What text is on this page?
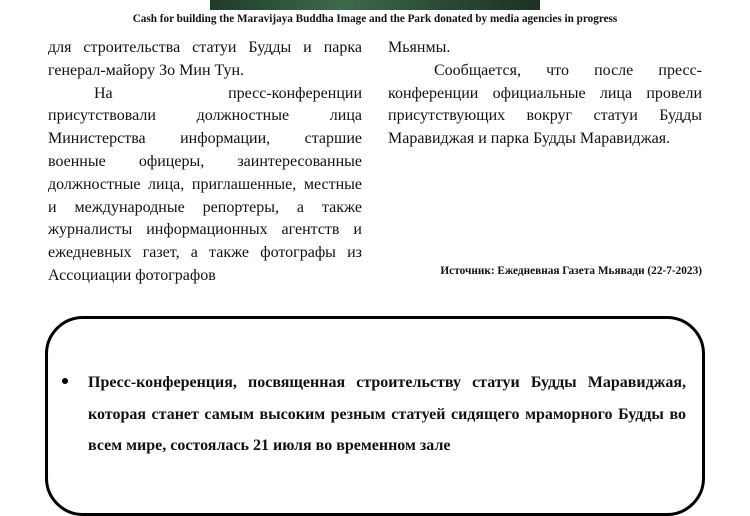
Cash for building the Maravijaya Buddha Image and the Park donated by media agencies in progress

для строительства статуи Будды и парка генерал-майору Зо Мин Тун.

На пресс-конференции присутствовали должностные лица Министерства информации, старшие военные офицеры, заинтересованные должностные лица, приглашенные, местные и международные репортеры, а также журналисты информационных агентств и ежедневных газет, а также фотографы из Ассоциации фотографов

Мьянмы.

Сообщается, что после пресс-конференции официальные лица провели присутствующих вокруг статуи Будды Маравиджая и парка Будды Маравиджая.

Источник: Ежедневная Газета Мьявади (22-7-2023)
Пресс-конференция, посвященная строительству статуи Будды Маравиджая, которая станет самым высоким резным статуей сидящего мраморного Будды во всем мире, состоялась 21 июля во временном зале
